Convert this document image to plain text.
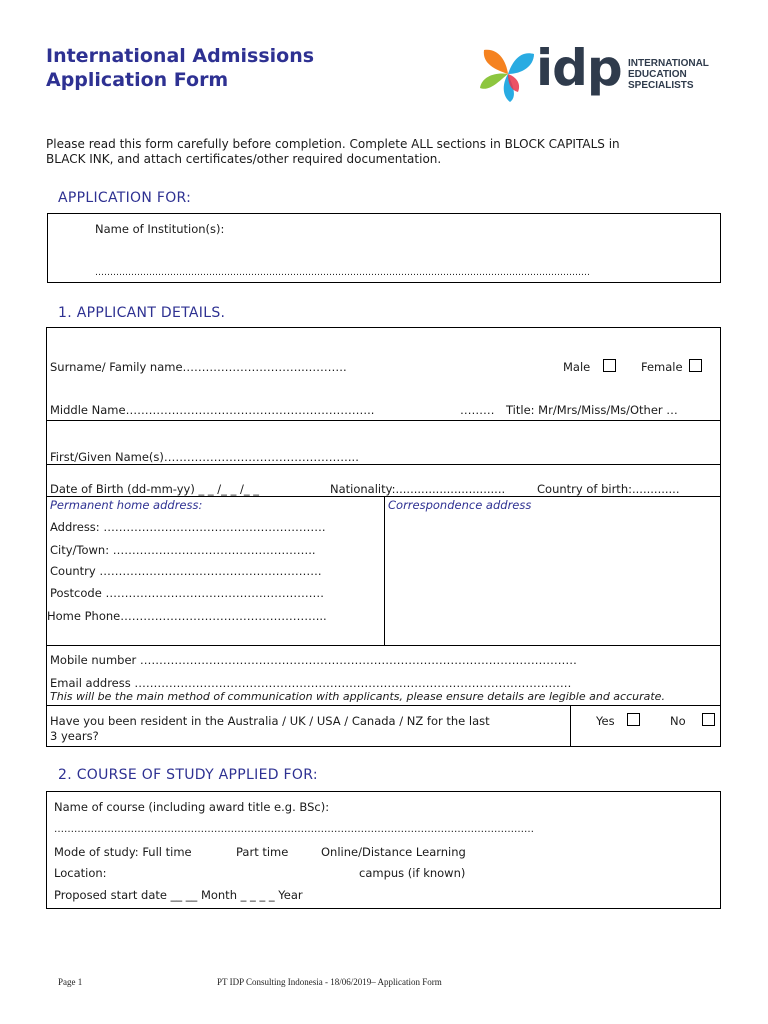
International Admissions
Application Form	idp INTERNATIONAL
EDUCATION
SPECIALISTS
Please read this form carefully before completion. Complete ALL sections in BLOCK CAPITALS in
BLACK INK, and attach certificates/other required documentation.
APPLICATION FOR:
Name of Institution(s):
…………………………………………………………………………………………………………………………………………………
1. APPLICANT DETAILS.
Surname/ Family name…………………………...……….	Male	Female
Middle Name………………………………………………………..	……… Title: Mr/Mrs/Miss/Ms/Other …
First/Given Name(s)…………………………………………...
Date of Birth (dd-mm-yy) _ _ /_ _ /_ _	Nationality:..............................	Country of birth:.............
Permanent home address:	Correspondence address
Address: ………………………………………………….
City/Town: ……………………………………………..
Country ………………………………………………….
Postcode …………………………………………………
Home Phone……………………………………………...
Mobile number ……………………………………………………………………………………………………
Email address ……………………………………………………………………………………………………
This will be the main method of communication with applicants, please ensure details are legible and accurate.
Have you been resident in the Australia / UK / USA / Canada / NZ for the last
3 years?
Yes	No
2. COURSE OF STUDY APPLIED FOR:
Name of course (including award title e.g. BSc):
………………………………………………………………………………………………………………………………
Mode of study: Full time	Part time	Online/Distance Learning
Location:	campus (if known)
Proposed start date __ __ Month _ _ _ _ Year
Page 1	PT IDP Consulting Indonesia - 18/06/2019– Application Form
